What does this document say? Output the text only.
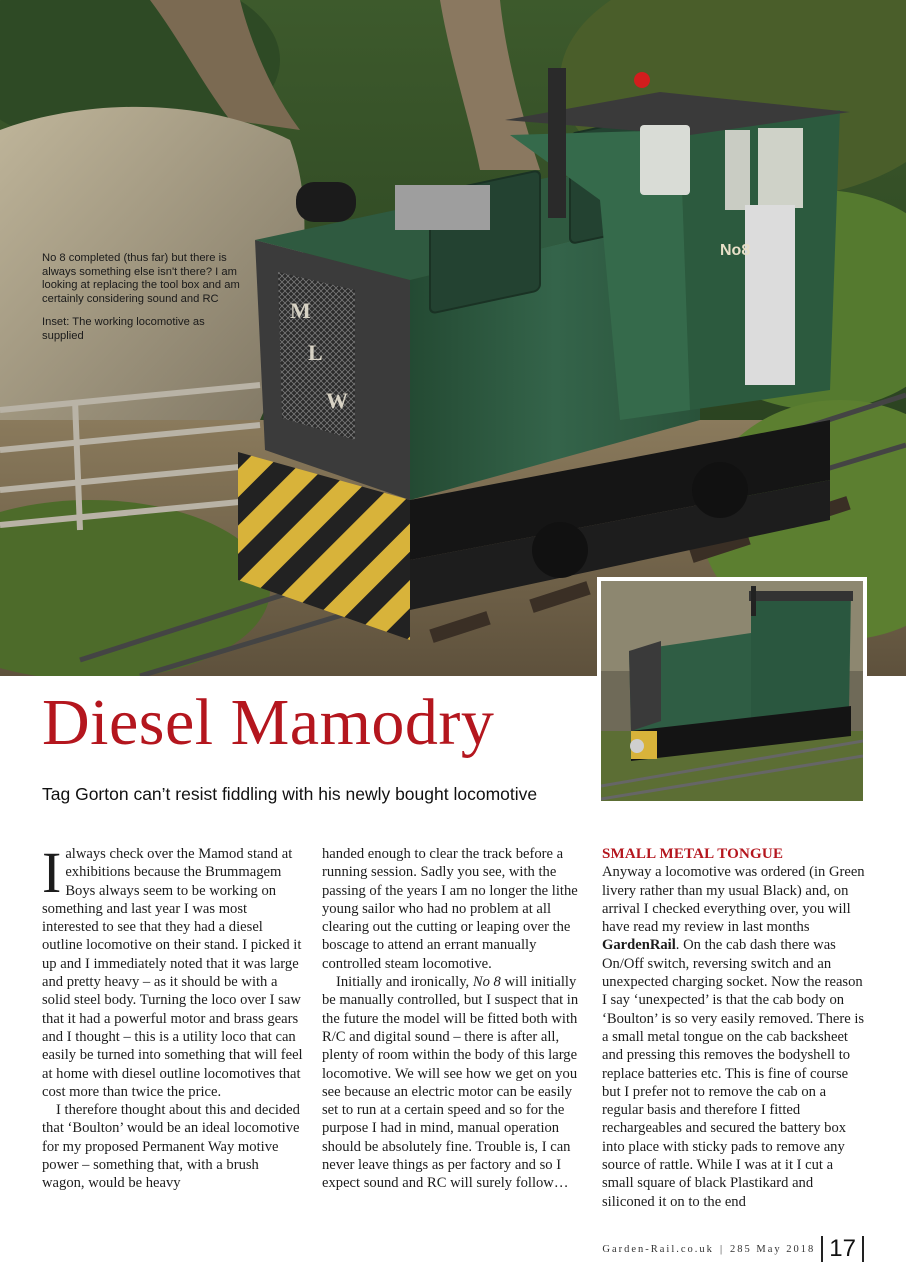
No8
M
L
W

No 8 completed (thus far) but there is always something else isn't there? I am looking at replacing the tool box and am certainly considering sound and RC

Inset: The working locomotive as supplied

Diesel Mamodry
Tag Gorton can’t resist fiddling with his newly bought locomotive

Ialways check over the Mamod stand at exhibitions because the Brummagem Boys always seem to be working on something and last year I was most interested to see that they had a diesel outline locomotive on their stand. I picked it up and I immediately noted that it was large and pretty heavy – as it should be with a solid steel body. Turning the loco over I saw that it had a powerful motor and brass gears and I thought – this is a utility loco that can easily be turned into something that will feel at home with diesel outline locomotives that cost more than twice the price.

I therefore thought about this and decided that ‘Boulton’ would be an ideal locomotive for my proposed Permanent Way motive power – something that, with a brush wagon, would be heavy

handed enough to clear the track before a running session. Sadly you see, with the passing of the years I am no longer the lithe young sailor who had no problem at all clearing out the cutting or leaping over the boscage to attend an errant manually controlled steam locomotive.

Initially and ironically, No 8 will initially be manually controlled, but I suspect that in the future the model will be fitted both with R/C and digital sound – there is after all, plenty of room within the body of this large locomotive. We will see how we get on you see because an electric motor can be easily set to run at a certain speed and so for the purpose I had in mind, manual operation should be absolutely fine. Trouble is, I can never leave things as per factory and so I expect sound and RC will surely follow…

SMALL METAL TONGUE

Anyway a locomotive was ordered (in Green livery rather than my usual Black) and, on arrival I checked everything over, you will have read my review in last months GardenRail. On the cab dash there was On/Off switch, reversing switch and an unexpected charging socket. Now the reason I say ‘unexpected’ is that the cab body on ‘Boulton’ is so very easily removed. There is a small metal tongue on the cab backsheet and pressing this removes the bodyshell to replace batteries etc. This is fine of course but I prefer not to remove the cab on a regular basis and therefore I fitted rechargeables and secured the battery box into place with sticky pads to remove any source of rattle. While I was at it I cut a small square of black Plastikard and siliconed it on to the end

Garden-Rail.co.uk | 285 May 2018 17
